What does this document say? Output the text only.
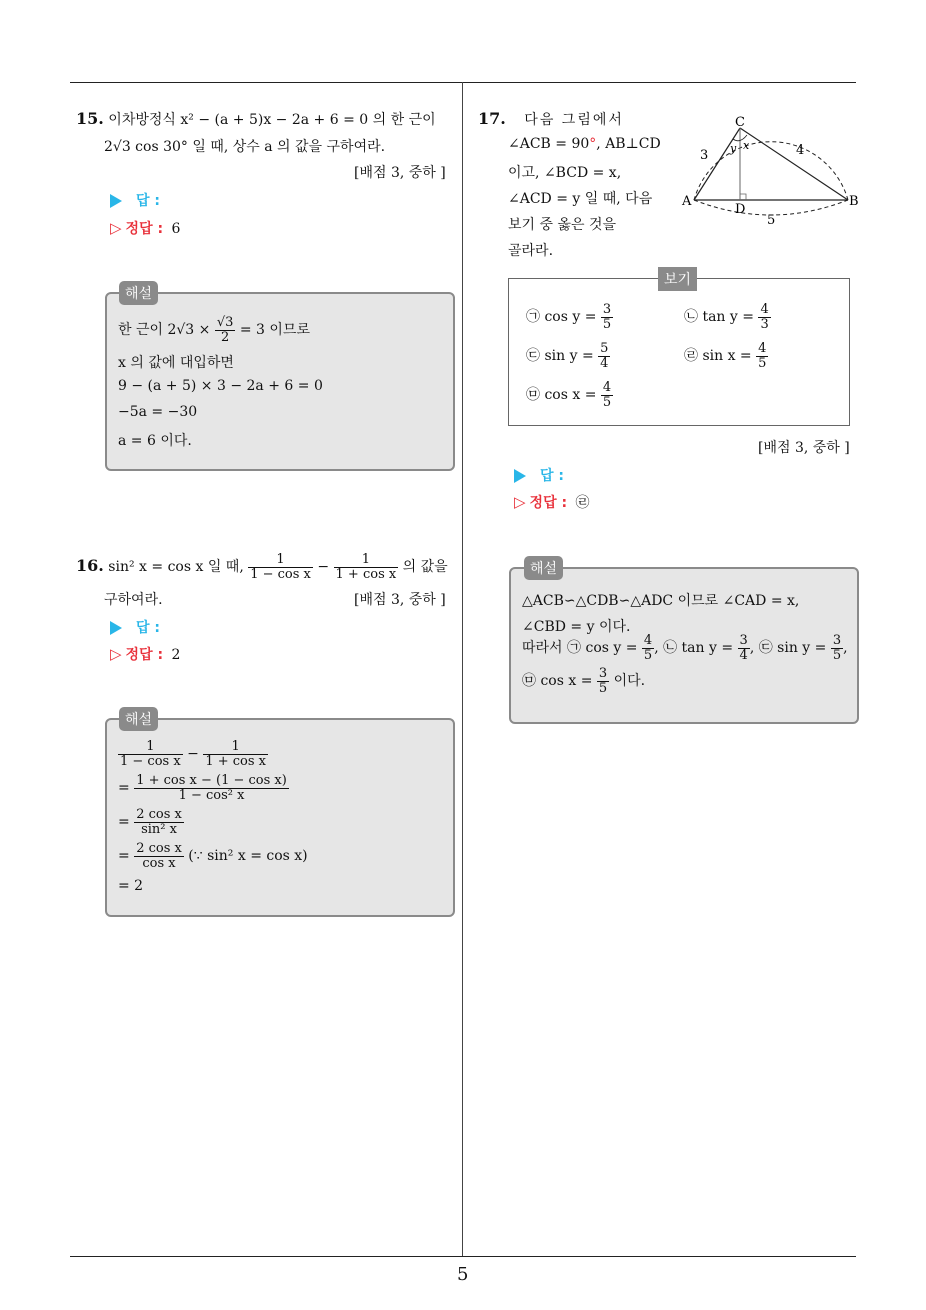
5
15. 이차방정식 x² − (a + 5)x − 2a + 6 = 0 의 한 근이
2√3 cos 30° 일 때, 상수 a 의 값을 구하여라.
[배점 3, 중하 ]
답 :
▷ 정답 : 6
해설
한 근이 $2√3 \times \frac{√3}{2} = 3$ 이므로
x 의 값에 대입하면
9 − (a + 5) × 3 − 2a + 6 = 0
−5a = −30
a = 6 이다.
16. sin² x = cos x 일 때, $\frac{1}{\text{1 − cos x}} - \frac{1}{\text{1 + cos x}}$ 의 값을
구하여라.	[배점 3, 중하 ]
답 :
▷ 정답 : 2
해설
$\frac{1}{\text{1 − cos x}} - \frac{1}{\text{1 + cos x}}$
= $\frac{\text{1 + cos x − (1 − cos x)}}{\text{1 − cos² x}}$
= $\frac{\text{2 cos x}}{\text{sin² x}}$
= $\frac{\text{2 cos x}}{\text{cos x}}$ (∵ sin² x = cos x)
= 2
17. 다음 그림에서
∠ACB = 90°, AB⊥CD
이고, ∠BCD = x,
∠ACD = y 일 때, 다음
보기 중 옳은 것을
골라라.
C
A	B
D
3	4
5
y x
보기
㉠ $\cos y = \frac{3}{5}$	㉡ $\tan y = \frac{4}{3}$
㉢ $\sin y = \frac{5}{4}$	㉣ $\sin x = \frac{4}{5}$
㉤ $\cos x = \frac{4}{5}$
[배점 3, 중하 ]
답 :
▷ 정답 : ㉣
해설
△ACB∽△CDB∽△ADC 이므로 ∠CAD = x,
∠CBD = y 이다.
따라서 ㉠ $\cos y = \frac{4}{5}$ , ㉡ $\tan y = \frac{3}{4}$ , ㉢ $\sin y = \frac{3}{5}$ ,
㉤ $\cos x = \frac{3}{5}$ 이다.
